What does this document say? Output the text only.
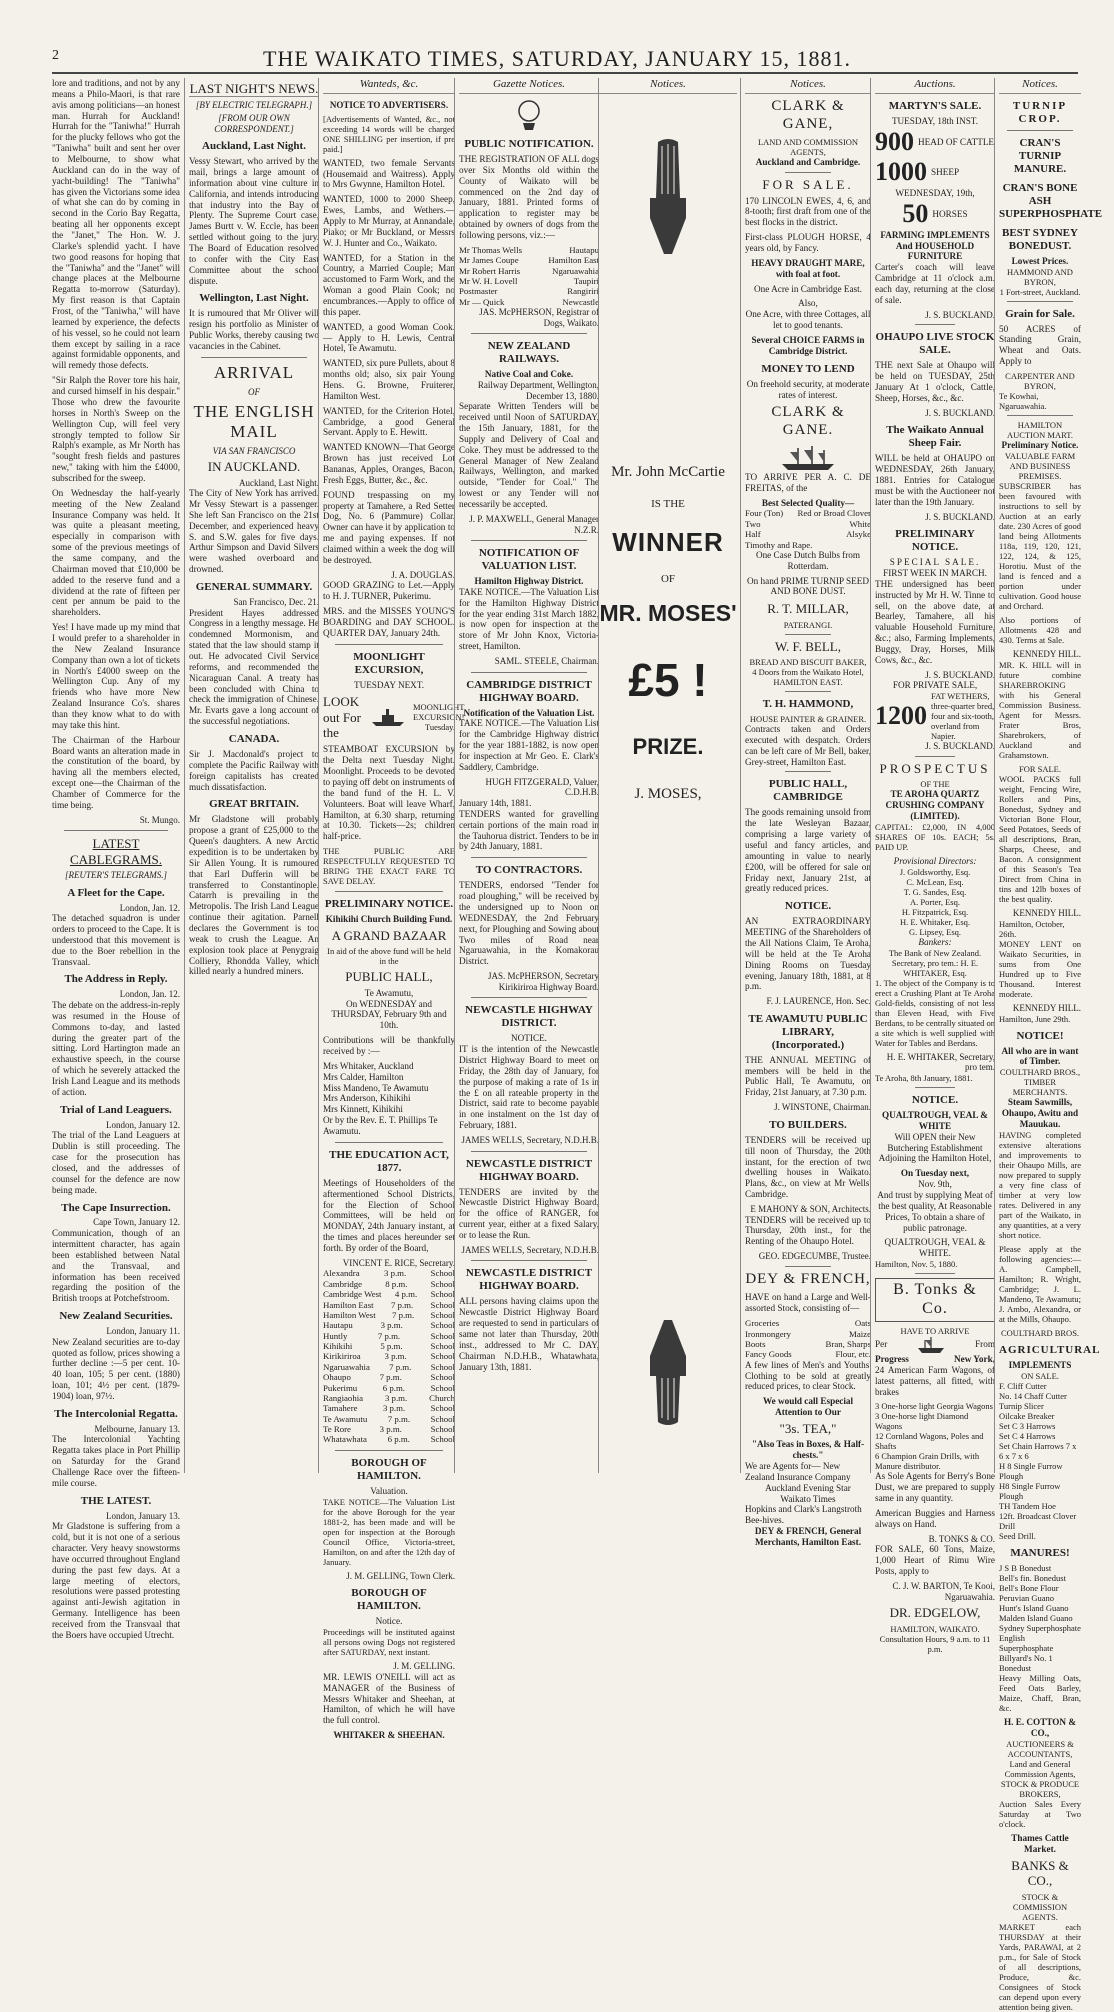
2	THE WAIKATO TIMES, SATURDAY, JANUARY 15, 1881.

lore and traditions, and not by any means a Philo-Maori, is that rare avis among politicians—an honest man. Hurrah for Auckland! Hurrah for the "Taniwha!" Hurrah for the plucky fellows who got the "Taniwha" built and sent her over to Melbourne, to show what Auckland can do in the way of yacht-building! The "Taniwha" has given the Victorians some idea of what she can do by coming in second in the Corio Bay Regatta, beating all her opponents except the "Janet," The Hon. W. J. Clarke's splendid yacht. I have two good reasons for hoping that the "Taniwha" and the "Janet" will change places at the Melbourne Regatta to-morrow (Saturday). My first reason is that Captain Frost, of the "Taniwha," will have learned by experience, the defects of his vessel, so he could not learn them except by sailing in a race against formidable opponents, and will remedy those defects.

"Sir Ralph the Rover tore his hair, and cursed himself in his despair." Those who drew the favourite horses in North's Sweep on the Wellington Cup, will feel very strongly tempted to follow Sir Ralph's example, as Mr North has "sought fresh fields and pastures new," taking with him the £4000, subscribed for the sweep.

On Wednesday the half-yearly meeting of the New Zealand Insurance Company was held. It was quite a pleasant meeting, especially in comparison with some of the previous meetings of the same company, and the Chairman moved that £10,000 be added to the reserve fund and a dividend at the rate of fifteen per cent per annum be paid to the shareholders.

Yes! I have made up my mind that I would prefer to a shareholder in the New Zealand Insurance Company than own a lot of tickets in North's £4000 sweep on the Wellington Cup. Any of my friends who have more New Zealand Insurance Co's. shares than they know what to do with may take this hint.

The Chairman of the Harbour Board wants an alteration made in the constitution of the board, by having all the members elected, except one—the Chairman of the Chamber of Commerce for the time being.

St. Mungo.
LATEST CABLEGRAMS.
[REUTER'S TELEGRAMS.]
A Fleet for the Cape.
London, Jan. 12.

The detached squadron is under orders to proceed to the Cape. It is understood that this movement is due to the Boer rebellion in the Transvaal.

The Address in Reply.
London, Jan. 12.

The debate on the address-in-reply was resumed in the House of Commons to-day, and lasted during the greater part of the sitting. Lord Hartington made an exhaustive speech, in the course of which he severely attacked the Irish Land League and its methods of action.

Trial of Land Leaguers.
London, January 12.

The trial of the Land Leaguers at Dublin is still proceeding. The case for the prosecution has closed, and the addresses of counsel for the defence are now being made.

The Cape Insurrection.
Cape Town, January 12.

Communication, though of an intermittent character, has again been established between Natal and the Transvaal, and information has been received regarding the position of the British troops at Potchefstroom.

New Zealand Securities.
London, January 11.

New Zealand securities are to-day quoted as follow, prices showing a further decline :—5 per cent. 10-40 loan, 105; 5 per cent. (1880) loan, 101; 4½ per cent. (1879-1904) loan, 97½.

The Intercolonial Regatta.
Melbourne, January 13.

The Intercolonial Yachting Regatta takes place in Port Phillip on Saturday for the Grand Challenge Race over the fifteen-mile course.

THE LATEST.
London, January 13.

Mr Gladstone is suffering from a cold, but it is not one of a serious character. Very heavy snowstorms have occurred throughout England during the past few days. At a large meeting of electors, resolutions were passed protesting against anti-Jewish agitation in Germany. Intelligence has been received from the Transvaal that the Boers have occupied Utrecht.

LAST NIGHT'S NEWS.
[BY ELECTRIC TELEGRAPH.]
[FROM OUR OWN CORRESPONDENT.]
Auckland, Last Night.

Vessy Stewart, who arrived by the mail, brings a large amount of information about vine culture in California, and intends introducing that industry into the Bay of Plenty. The Supreme Court case, James Burtt v. W. Eccle, has been settled without going to the jury. The Board of Education resolved to confer with the City East Committee about the school dispute.

Wellington, Last Night.

It is rumoured that Mr Oliver will resign his portfolio as Minister of Public Works, thereby causing two vacancies in the Cabinet.

ARRIVAL
OF
THE ENGLISH MAIL
VIA SAN FRANCISCO
IN AUCKLAND.
Auckland, Last Night.

The City of New York has arrived. Mr Vessy Stewart is a passenger. She left San Francisco on the 21st December, and experienced heavy S. and S.W. gales for five days. Arthur Simpson and David Silvers were washed overboard and drowned.

GENERAL SUMMARY.
San Francisco, Dec. 21.

President Hayes addressed Congress in a lengthy message. He condemned Mormonism, and stated that the law should stamp it out. He advocated Civil Service reforms, and recommended the Nicaraguan Canal. A treaty has been concluded with China to check the immigration of Chinese. Mr. Evarts gave a long account of the successful negotiations.

CANADA.

Sir J. Macdonald's project to complete the Pacific Railway with foreign capitalists has created much dissatisfaction.

GREAT BRITAIN.

Mr Gladstone will probably propose a grant of £25,000 to the Queen's daughters. A new Arctic expedition is to be undertaken by Sir Allen Young. It is rumoured that Earl Dufferin will be transferred to Constantinople. Catarrh is prevailing in the Metropolis. The Irish Land League continue their agitation. Parnell declares the Government is too weak to crush the League. An explosion took place at Penygraig Colliery, Rhondda Valley, which killed nearly a hundred miners.

Wanteds, &c.
NOTICE TO ADVERTISERS.

[Advertisements of Wanted, &c., not exceeding 14 words will be charged ONE SHILLING per insertion, if pre paid.]

WANTED, two female Servants (Housemaid and Waitress). Apply to Mrs Gwynne, Hamilton Hotel.

WANTED, 1000 to 2000 Sheep, Ewes, Lambs, and Wethers.— Apply to Mr Murray, at Annandale, Piako; or Mr Buckland, or Messrs W. J. Hunter and Co., Waikato.

WANTED, for a Station in the Country, a Married Couple; Man accustomed to Farm Work, and the Woman a good Plain Cook; no encumbrances.—Apply to office of this paper.

WANTED, a good Woman Cook.— Apply to H. Lewis, Central Hotel, Te Awamutu.

WANTED, six pure Pullets, about 8 months old; also, six pair Young Hens. G. Browne, Fruiterer, Hamilton West.

WANTED, for the Criterion Hotel, Cambridge, a good General Servant. Apply to E. Hewitt.

WANTED KNOWN—That George Brown has just received Lot Bananas, Apples, Oranges, Bacon, Fresh Eggs, Butter, &c., &c.

FOUND trespassing on my property at Tamahere, a Red Setter Dog, No. 6 (Pammure) Collar. Owner can have it by application to me and paying expenses. If not claimed within a week the dog will be destroyed.

J. A. DOUGLAS.

GOOD GRAZING to Let.—Apply to H. J. TURNER, Pukerimu.

MRS. and the MISSES YOUNG'S BOARDING and DAY SCHOOL. QUARTER DAY, January 24th.

MOONLIGHT EXCURSION,
TUESDAY NEXT.
LOOK out For the
MOONLIGHT EXCURSION! Tuesday.

STEAMBOAT EXCURSION by the Delta next Tuesday Night. Moonlight. Proceeds to be devoted to paying off debt on instruments of the band fund of the H. L. V. Volunteers. Boat will leave Wharf, Hamilton, at 6.30 sharp, returning at 10.30. Tickets—2s; children half-price.

THE PUBLIC ARE RESPECTFULLY REQUESTED TO BRING THE EXACT FARE TO SAVE DELAY.

PRELIMINARY NOTICE.
Kihikihi Church Building Fund.
A GRAND BAZAAR
In aid of the above fund will be held in the
PUBLIC HALL,
Te Awamutu,

On WEDNESDAY and THURSDAY, February 9th and 10th.

Contributions will be thankfully received by :—

Mrs Whitaker, Auckland
Mrs Calder, Hamilton
Miss Mandeno, Te Awamutu
Mrs Anderson, Kihikihi
Mrs Kinnett, Kihikihi
Or by the Rev. E. T. Phillips Te Awamutu.
THE EDUCATION ACT, 1877.

Meetings of Householders of the aftermentioned School Districts, for the Election of School Committees, will be held on MONDAY, 24th January instant, at the times and places hereunder set forth. By order of the Board,

VINCENT E. RICE, Secretary.
Alexandra	3 p.m.	School
Cambridge	8 p.m.	School
Cambridge West 4 p.m. School
Hamilton East 7 p.m. School
Hamilton West 7 p.m. School
Hautapu	3 p.m.	School
Huntly	7 p.m.	School
Kihikihi	5 p.m.	School
Kirikiriroa	3 p.m.	School
Ngaruawahia 7 p.m. School
Ohaupo	7 p.m.	School
Pukerimu	6 p.m.	School
Rangiaohia 3 p.m. Church
Tamahere	3 p.m.	School
Te Awamutu 7 p.m. School
Te Rore	3 p.m.	School
Whatawhata 6 p.m. School
BOROUGH OF HAMILTON.
Valuation.

TAKE NOTICE—The Valuation List for the above Borough for the year 1881-2, has been made and will be open for inspection at the Borough Council Office, Victoria-street, Hamilton, on and after the 12th day of January.

J. M. GELLING, Town Clerk.
BOROUGH OF HAMILTON.
Notice.

Proceedings will be instituted against all persons owing Dogs not registered after SATURDAY, next instant.

J. M. GELLING.

MR. LEWIS O'NEILL will act as MANAGER of the Business of Messrs Whitaker and Sheehan, at Hamilton, of which he will have the full control.

WHITAKER & SHEEHAN.
Gazette Notices.
PUBLIC NOTIFICATION.

THE REGISTRATION OF ALL dogs over Six Months old within the County of Waikato will be commenced on the 2nd day of January, 1881. Printed forms of application to register may be obtained by owners of dogs from the following persons, viz.:—

Mr Thomas Wells	Hautapu
Mr James Coupe	Hamilton East
Mr Robert Harris	Ngaruawahia
Mr W. H. Lovell	Taupiri
Postmaster	Rangiriri
Mr — Quick	Newcastle
JAS. McPHERSON, Registrar of Dogs, Waikato.
NEW ZEALAND RAILWAYS.
Native Coal and Coke.
Railway Department, Wellington, December 13, 1880.

Separate Written Tenders will be received until Noon of SATURDAY, the 15th January, 1881, for the Supply and Delivery of Coal and Coke. They must be addressed to the General Manager of New Zealand Railways, Wellington, and marked outside, "Tender for Coal." The lowest or any Tender will not necessarily be accepted.

J. P. MAXWELL, General Manager N.Z.R.
NOTIFICATION OF VALUATION LIST.
Hamilton Highway District.

TAKE NOTICE.—The Valuation List for the Hamilton Highway District for the year ending 31st March 1882, is now open for inspection at the store of Mr John Knox, Victoria-street, Hamilton.

SAML. STEELE, Chairman.
CAMBRIDGE DISTRICT HIGHWAY BOARD.
Notification of the Valuation List.

TAKE NOTICE.—The Valuation List for the Cambridge Highway district for the year 1881-1882, is now open for inspection at Mr Geo. E. Clark's Saddlery, Cambridge.

HUGH FITZGERALD, Valuer, C.D.H.B.
January 14th, 1881.

TENDERS wanted for gravelling certain portions of the main road in the Tauhorua district. Tenders to be in by 24th January, 1881.

TO CONTRACTORS.

TENDERS, endorsed "Tender for road ploughing," will be received by the undersigned up to Noon on WEDNESDAY, the 2nd February next, for Ploughing and Sowing about Two miles of Road near Ngaruawahia, in the Komakorau District.

JAS. McPHERSON, Secretary Kirikiriroa Highway Board.
NEWCASTLE HIGHWAY DISTRICT.
NOTICE.

IT is the intention of the Newcastle District Highway Board to meet on Friday, the 28th day of January, for the purpose of making a rate of 1s in the £ on all rateable property in the District, said rate to become payable in one instalment on the 1st day of February, 1881.

JAMES WELLS, Secretary, N.D.H.B.
NEWCASTLE DISTRICT HIGHWAY BOARD.

TENDERS are invited by the Newcastle District Highway Board, for the office of RANGER, for current year, either at a fixed Salary, or to lease the Run.

JAMES WELLS, Secretary, N.D.H.B.
NEWCASTLE DISTRICT HIGHWAY BOARD.

ALL persons having claims upon the Newcastle District Highway Board are requested to send in particulars of same not later than Thursday, 20th inst., addressed to Mr C. DAY, Chairman N.D.H.B., Whatawhata, January 13th, 1881.

Notices.
Mr. John McCartie
IS THE
WINNER
OF
MR. MOSES'
£5 !
PRIZE.
J. MOSES,
Notices.
CLARK & GANE,
LAND AND COMMISSION AGENTS,
Auckland and Cambridge.
FOR SALE.

170 LINCOLN EWES, 4, 6, and 8-tooth; first draft from one of the best flocks in the district.

First-class PLOUGH HORSE, 4 years old, by Fancy.

HEAVY DRAUGHT MARE, with foal at foot.

One Acre in Cambridge East.

Also,

One Acre, with three Cottages, all let to good tenants.

Several CHOICE FARMS in Cambridge District.

MONEY TO LEND

On freehold security, at moderate rates of interest.

CLARK & GANE.

TO ARRIVE PER A. C. DE FREITAS, of the

Best Selected Quality—
Four (Ton) Red or Broad Clover
Two	White
Half	Alsyke
Timothy and Rape.

One Case Dutch Bulbs from Rotterdam.

On hand PRIME TURNIP SEED AND BONE DUST.

R. T. MILLAR,
PATERANGI.
W. F. BELL,
BREAD AND BISCUIT BAKER,
4 Doors from the Waikato Hotel,
HAMILTON EAST.
T. H. HAMMOND,
HOUSE PAINTER & GRAINER.

Contracts taken and Orders executed with despatch. Orders can be left care of Mr Bell, baker, Grey-street, Hamilton East.

PUBLIC HALL, CAMBRIDGE

The goods remaining unsold from the late Wesleyan Bazaar, comprising a large variety of useful and fancy articles, and amounting in value to nearly £200, will be offered for sale on Friday next, January 21st, at greatly reduced prices.

NOTICE.

AN EXTRAORDINARY MEETING of the Shareholders of the All Nations Claim, Te Aroha, will be held at the Te Aroha Dining Rooms on Tuesday evening, January 18th, 1881, at 8 p.m.

F. J. LAURENCE, Hon. Sec.
TE AWAMUTU PUBLIC LIBRARY, (Incorporated.)

THE ANNUAL MEETING of members will be held in the Public Hall, Te Awamutu, on Friday, 21st January, at 7.30 p.m.

J. WINSTONE, Chairman.
TO BUILDERS.

TENDERS will be received up till noon of Thursday, the 20th instant, for the erection of two dwelling houses in Waikato. Plans, &c., on view at Mr Wells' Cambridge.

E MAHONY & SON, Architects.

TENDERS will be received up to Thursday, 20th inst., for the Renting of the Ohaupo Hotel.

GEO. EDGECUMBE, Trustee.
DEY & FRENCH,

HAVE on hand a Large and Well-assorted Stock, consisting of—

Groceries	Oats
Ironmongery	Maize
Boots	Bran, Sharps
Fancy Goods	Flour, etc.

A few lines of Men's and Youths' Clothing to be sold at greatly reduced prices, to clear Stock.

We would call Especial Attention to Our
"3s. TEA,"
"Also Teas in Boxes, & Half-chests."
We are Agents for— New Zealand Insurance Company
Auckland Evening Star
Waikato Times
Hopkins and Clark's Langstroth Bee-hives.
DEY & FRENCH, General Merchants, Hamilton East.
Auctions.
MARTYN'S SALE.
TUESDAY, 18th INST.
900 HEAD OF CATTLE
1000 SHEEP
WEDNESDAY, 19th,
50 HORSES
FARMING IMPLEMENTS And HOUSEHOLD FURNITURE

Carter's coach will leave Cambridge at 11 o'clock a.m. each day, returning at the close of sale.

J. S. BUCKLAND.
OHAUPO LIVE STOCK SALE.

THE next Sale at Ohaupo will be held on TUESDAY, 25th January At 1 o'clock, Cattle, Sheep, Horses, &c., &c.

J. S. BUCKLAND.
The Waikato Annual Sheep Fair.

WILL be held at OHAUPO on WEDNESDAY, 26th January, 1881. Entries for Catalogue must be with the Auctioneer not later than the 19th January.

J. S. BUCKLAND.
PRELIMINARY NOTICE.
SPECIAL SALE.
FIRST WEEK IN MARCH.

THE undersigned has been instructed by Mr H. W. Tinne to sell, on the above date, at Bearley, Tamahere, all his valuable Household Furniture, &c.; also, Farming Implements, Buggy, Dray, Horses, Milk Cows, &c., &c.

J. S. BUCKLAND.
FOR PRIVATE SALE,
1200
FAT WETHERS, three-quarter bred, four and six-tooth, overland from Napier.
J. S. BUCKLAND.
PROSPECTUS
OF THE
TE AROHA QUARTZ CRUSHING COMPANY (LIMITED).

CAPITAL: £2,000, IN 4,000 SHARES OF 10s. EACH; 5s. PAID UP.

Provisional Directors:
J. Goldsworthy, Esq.
C. McLean, Esq.
T. G. Sandes, Esq.
A. Porter, Esq.
H. Fitzpatrick, Esq.
H. E. Whitaker, Esq.
G. Lipsey, Esq.
Bankers:
The Bank of New Zealand.
Secretary, pro tem.: H. E. WHITAKER, Esq.

1. The object of the Company is to erect a Crushing Plant at Te Aroha Gold-fields, consisting of not less than Eleven Head, with Five Berdans, to be centrally situated on a site which is well supplied with Water for Tables and Berdans.

H. E. WHITAKER, Secretary, pro tem.
Te Aroha, 8th January, 1881.
NOTICE.
QUALTROUGH, VEAL & WHITE

Will OPEN their New Butchering Establishment Adjoining the Hamilton Hotel,

On Tuesday next,
Nov. 9th,

And trust by supplying Meat of the best quality, At Reasonable Prices, To obtain a share of public patronage.

QUALTROUGH, VEAL & WHITE.
Hamilton, Nov. 5, 1880.
B. Tonks & Co.
HAVE TO ARRIVE
Per	From
Progress	New York,

24 American Farm Wagons, of latest patterns, all fitted, with brakes

3 One-horse light Georgia Wagons
3 One-horse light Diamond Wagons
12 Cornland Wagons, Poles and Shafts
6 Champion Grain Drills, with Manure distributor.

As Sole Agents for Berry's Bone Dust, we are prepared to supply same in any quantity.

American Buggies and Harness always on Hand.

B. TONKS & CO.

FOR SALE, 60 Tons, Maize, 1,000 Heart of Rimu Wire Posts, apply to

C. J. W. BARTON, Te Kooi, Ngaruawahia.
DR. EDGELOW,
HAMILTON, WAIKATO.
Consultation Hours, 9 a.m. to 11 p.m.
Notices.
TURNIP CROP.
CRAN'S TURNIP MANURE.
CRAN'S BONE ASH SUPERPHOSPHATE
BEST SYDNEY BONEDUST.
Lowest Prices.
HAMMOND AND BYRON,
1 Fort-street, Auckland.
Grain for Sale.

50 ACRES of Standing Grain, Wheat and Oats. Apply to

CARPENTER AND BYRON,
Te Kowhai, Ngaruawahia.
HAMILTON AUCTION MART.
Preliminary Notice.
VALUABLE FARM AND BUSINESS PREMISES.

SUBSCRIBER has been favoured with instructions to sell by Auction at an early date. 230 Acres of good land being Allotments 118a, 119, 120, 121, 122, 124, & 125, Horotiu. Must of the land is fenced and a portion under cultivation. Good house and Orchard.

Also portions of Allotments 428 and 430. Terms at Sale.

KENNEDY HILL.

MR. K. HILL will in future combine SHAREBROKING with his General Commission Business. Agent for Messrs. Frater Bros, Sharebrokers, of Auckland and Grahamstown.

FOR SALE.

WOOL PACKS full weight, Fencing Wire, Rollers and Pins, Bonedust, Sydney and Victorian Bone Flour, Seed Potatoes, Seeds of all descriptions, Bran, Sharps, Cheese, and Bacon. A consignment of this Season's Tea Direct from China in tins and 12lb boxes of the best quality.

KENNEDY HILL.
Hamilton, October, 26th.

MONEY LENT on Waikato Securities, in sums from One Hundred up to Five Thousand. Interest moderate.

KENNEDY HILL.
Hamilton, June 29th.
NOTICE!
All who are in want of Timber.
COULTHARD BROS.,
TIMBER MERCHANTS.
Steam Sawmills, Ohaupo, Awitu and Mauukau.

HAVING completed extensive alterations and improvements to their Ohaupo Mills, are now prepared to supply a very fine class of timber at very low rates. Delivered in any part of the Waikato, in any quantities, at a very short notice.

Please apply at the following agencies:—A. Campbell, Hamilton; R. Wright, Cambridge; J. L. Mandeno, Te Awamutu; J. Ambo, Alexandra, or at the Mills, Ohaupo.

COULTHARD BROS.
AGRICULTURAL
IMPLEMENTS
ON SALE.
F. Cliff Cutter
No. 14 Chaff Cutter
Turnip Slicer
Oilcake Breaker
Set C 3 Harrows
Set C 4 Harrows
Set Chain Harrows 7 x 6 x 7 x 6
H 8 Single Furrow Plough
H8 Single Furrow Plough
TH Tandem Hoe
12ft. Broadcast Clover Drill
Seed Drill.
MANURES!
J S B Bonedust
Bell's fin. Bonedust
Bell's Bone Flour
Peruvian Guano
Hunt's Island Guano
Malden Island Guano
Sydney Superphosphate
English Superphosphate
Billyard's No. 1 Bonedust

Heavy Milling Oats, Feed Oats Barley, Maize, Chaff, Bran, &c.

H. E. COTTON & CO.,
AUCTIONEERS & ACCOUNTANTS,
Land and General Commission Agents,
STOCK & PRODUCE BROKERS,

Auction Sales Every Saturday at Two o'clock.

Thames Cattle Market.
BANKS & CO.,
STOCK & COMMISSION AGENTS.

MARKET each THURSDAY at their Yards, PARAWAI, at 2 p.m., for Sale of Stock of all descriptions, Produce, &c. Consignees of Stock can depend upon every attention being given.
